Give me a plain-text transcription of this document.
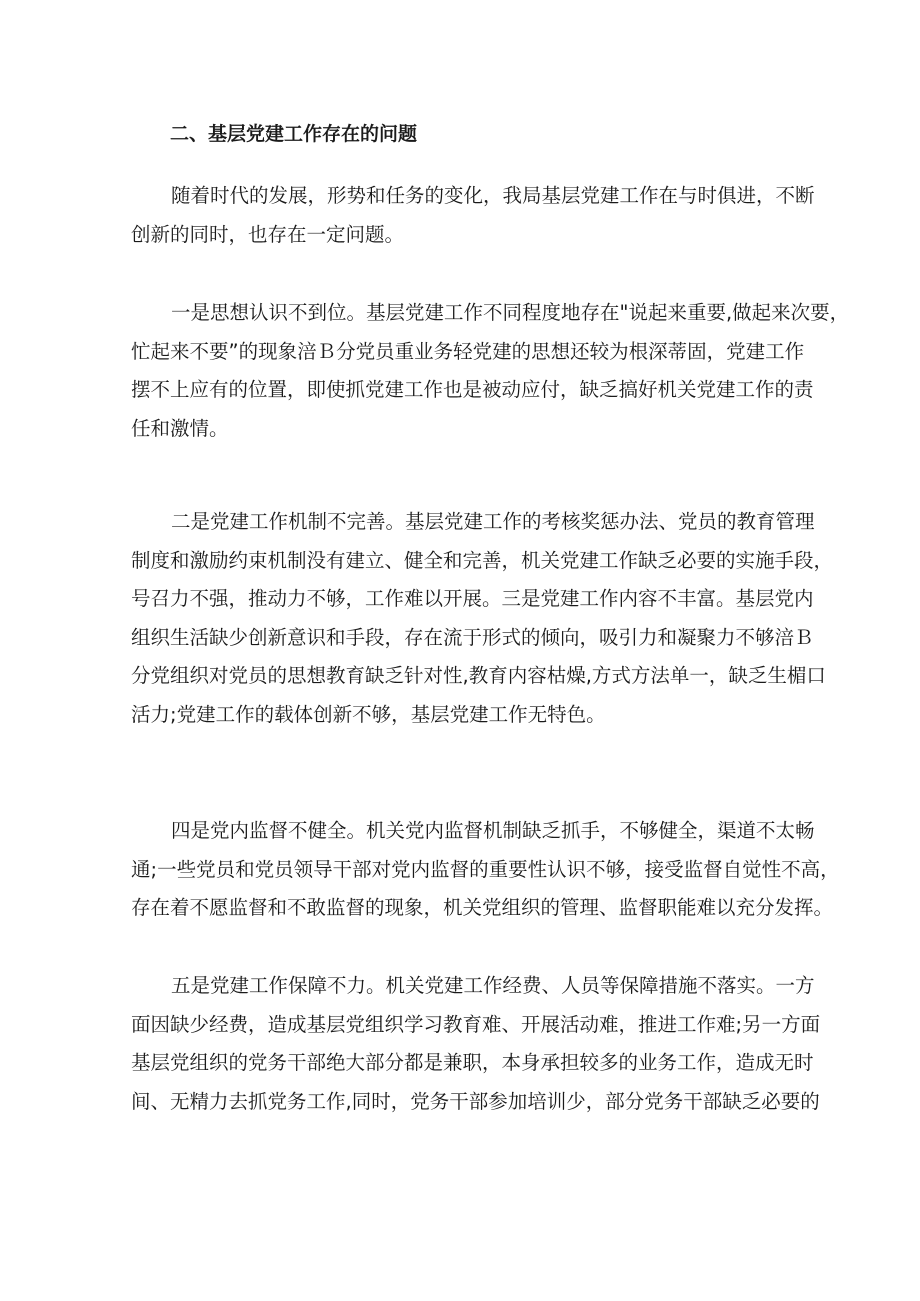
二、基层党建工作存在的问题
随着时代的发展，形势和任务的变化，我局基层党建工作在与时俱进，不断
创新的同时，也存在一定问题。
一是思想认识不到位。基层党建工作不同程度地存在"说起来重要,做起来次要，
忙起来不要”的现象涪Ｂ分党员重业务轻党建的思想还较为根深蒂固，党建工作
摆不上应有的位置，即使抓党建工作也是被动应付，缺乏搞好机关党建工作的责
任和激情。
二是党建工作机制不完善。基层党建工作的考核奖惩办法、党员的教育管理
制度和激励约束机制没有建立、健全和完善，机关党建工作缺乏必要的实施手段，
号召力不强，推动力不够，工作难以开展。三是党建工作内容不丰富。基层党内
组织生活缺少创新意识和手段，存在流于形式的倾向，吸引力和凝聚力不够涪Ｂ
分党组织对党员的思想教育缺乏针对性,教育内容枯燥,方式方法单一，缺乏生楣口
活力;党建工作的载体创新不够，基层党建工作无特色。
四是党内监督不健全。机关党内监督机制缺乏抓手，不够健全，渠道不太畅
通;一些党员和党员领导干部对党内监督的重要性认识不够，接受监督自觉性不高，
存在着不愿监督和不敢监督的现象，机关党组织的管理、监督职能难以充分发挥。
五是党建工作保障不力。机关党建工作经费、人员等保障措施不落实。一方
面因缺少经费，造成基层党组织学习教育难、开展活动难，推进工作难;另一方面
基层党组织的党务干部绝大部分都是兼职，本身承担较多的业务工作，造成无时
间、无精力去抓党务工作,同时，党务干部参加培训少，部分党务干部缺乏必要的
